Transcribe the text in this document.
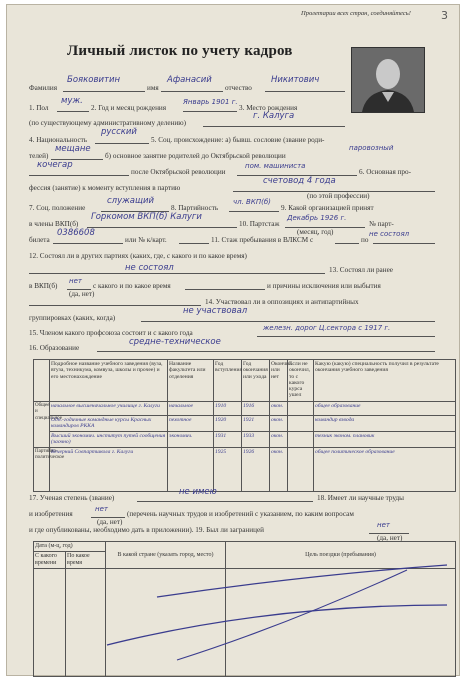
Пролетарии всех стран, соединяйтесь!	3
Личный листок по учету кадров
Фамилия
Бояковитин
имя
Афанасий
отчество
Никитович
1. Пол
муж.
2. Год и месяц рождения
Январь 1901 г.
3. Место рождения
(по существующему административному делению)
г. Калуга
4. Национальность
русский
5. Соц. происхождение: а) бывш. сословие (звание роди-
телей)
мещане
б) основное занятие родителей до Октябрьской революции
паровозный
кочегар
после Октябрьской революции
пом. машиниста
6. Основная про-
фессия (занятие) к моменту вступления в партию
счетовод 4 года
(по этой профессии)
7. Соц. положение
служащий
8. Партийность
чл. ВКП(б)
9. Какой организацией принят
в члены ВКП(б)
Горкомом ВКП(б) Калуги
10. Партстаж
Декабрь 1926 г.
(месяц, год)
№ парт-
билета
0386608
или № к/карт.	11. Стаж пребывания в ВЛКСМ с	по
не состоял
12. Состоял ли в других партиях (каких, где, с какого и по какое время)
не состоял	13. Состоял ли ранее
в ВКП(б)
нет
(да, нет)
с какого и по какое время	и причины исключения или выбытия
14. Участвовал ли в оппозициях и антипартийных
группировках (каких, когда)
не участвовал
15. Членом какого профсоюза состоит и с какого года
железн. дорог Ц.сектора с 1917 г.
16. Образование
средне-техническое
	Подробное название учебного заведения (вуза, втуза, техникума, комвуза, школы и прочее) и его местонахождение	Название факультета или отделения	Год вступления	Год окончания или ухода	Окончил или нет	Если не окончил, то с какого курса ушел	Какую (какую) специальность получил в результате окончания учебного заведения
Общее и специальное	начальное высшеначальное училище г. Калуги	начальное	1910	1916	окон.		общее образование
	Одн.-годичные командные курсы Красных командиров РККА	пехотное	1920	1921	окон.		командир взвода
	Высший экономич. институт путей сообщения (заочно)	экономич.	1931	1933	окон.		техник эконом. плановик
Партийно-политическое	Вечерний Совпартшкола г. Калуги		1925	1926	окон.		общее политическое образование
17. Ученая степень (звание)
не имею
18. Имеет ли научные труды
и изобретения
нет
(да, нет)
(перечень научных трудов и изобретений с указанием, по каким вопросам
и где опубликованы, необходимо дать в приложении). 19. Был ли заграницей
нет
(да, нет)
Дата (м-ц, год)		В какой стране (указать город, место)	Цель поездки (пребывания)
С какого времени	По какое время		
